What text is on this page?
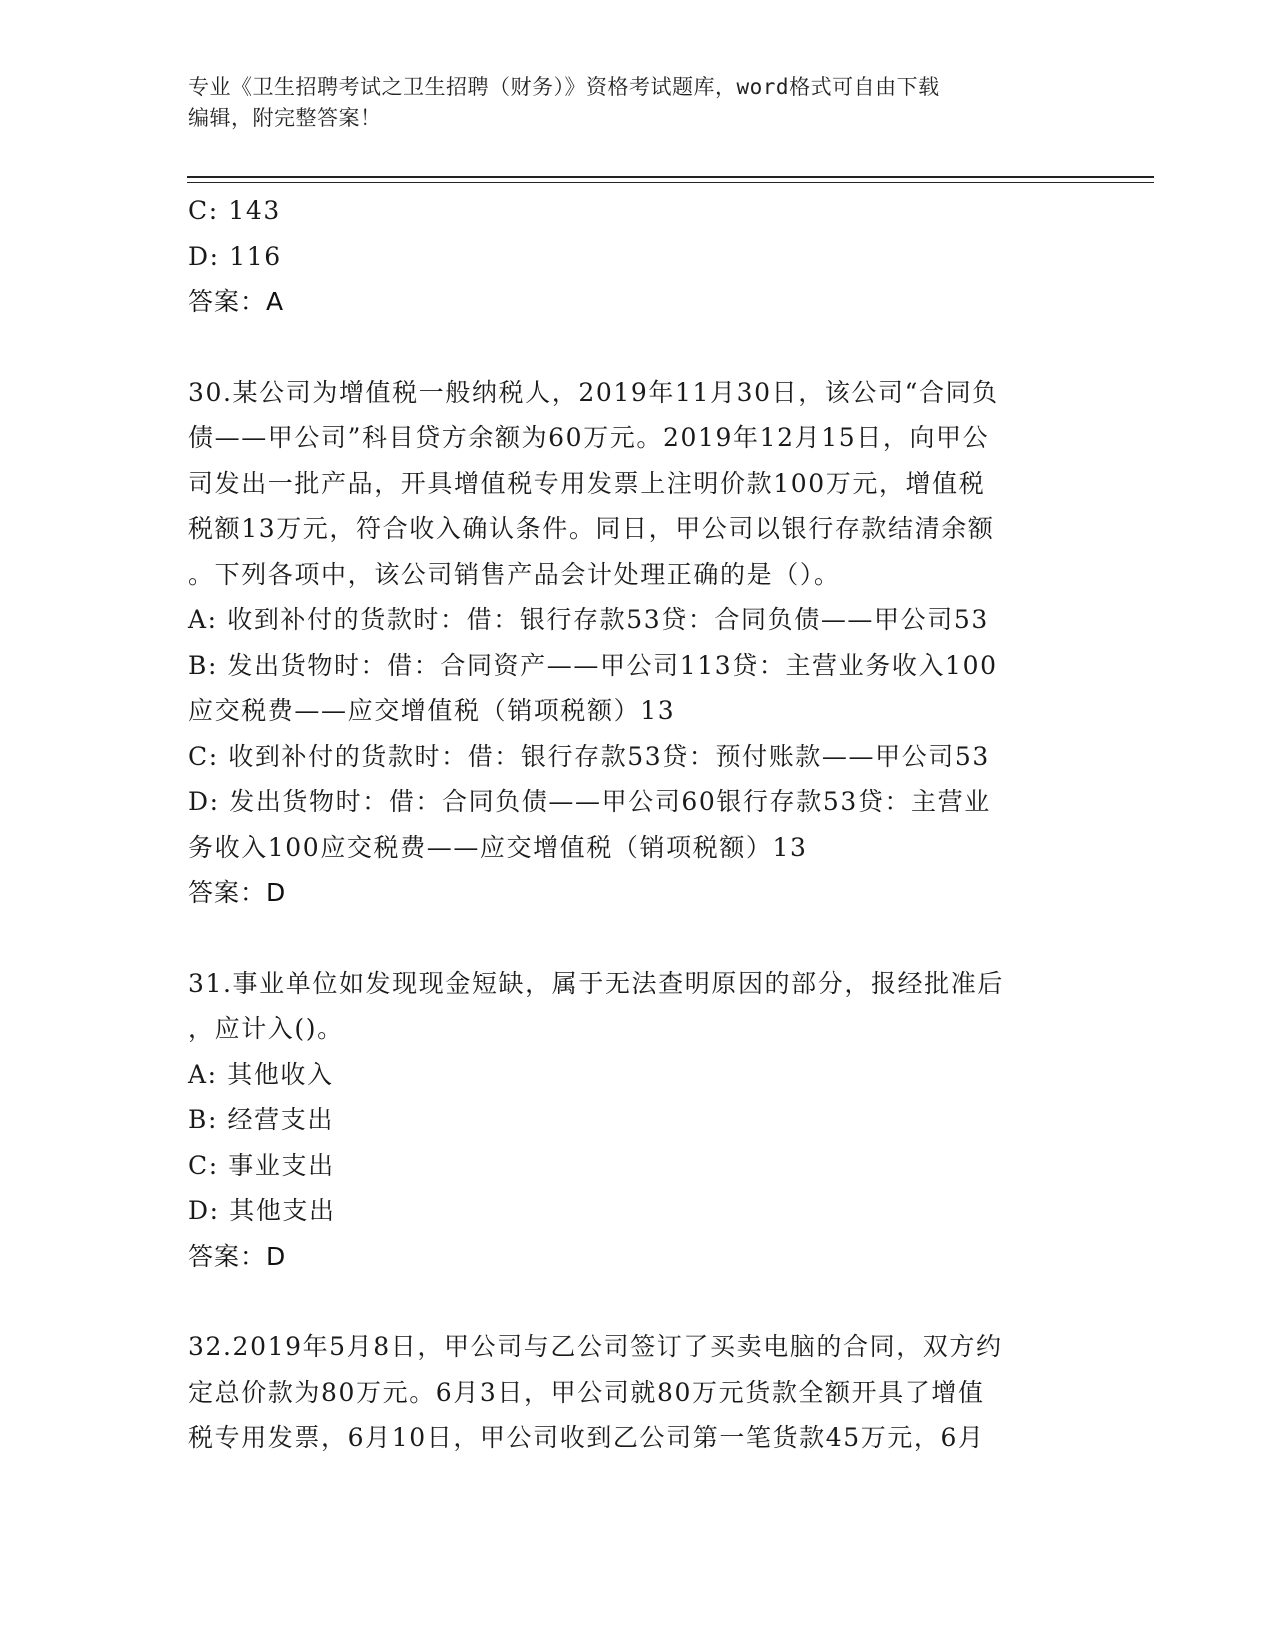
专业《卫生招聘考试之卫生招聘（财务）》资格考试题库，word格式可自由下载

编辑，附完整答案！

C: 143

D: 116

答案：A

30.某公司为增值税一般纳税人，2019年11月30日，该公司“合同负

债——甲公司”科目贷方余额为60万元。2019年12月15日，向甲公

司发出一批产品，开具增值税专用发票上注明价款100万元，增值税

税额13万元，符合收入确认条件。同日，甲公司以银行存款结清余额

。下列各项中，该公司销售产品会计处理正确的是（）。

A: 收到补付的货款时：借：银行存款53贷：合同负债——甲公司53

B: 发出货物时：借：合同资产——甲公司113贷：主营业务收入100

应交税费——应交增值税（销项税额）13

C: 收到补付的货款时：借：银行存款53贷：预付账款——甲公司53

D: 发出货物时：借：合同负债——甲公司60银行存款53贷：主营业

务收入100应交税费——应交增值税（销项税额）13

答案：D

31.事业单位如发现现金短缺，属于无法查明原因的部分，报经批准后

，应计入()。

A: 其他收入

B: 经营支出

C: 事业支出

D: 其他支出

答案：D

32.2019年5月8日，甲公司与乙公司签订了买卖电脑的合同，双方约

定总价款为80万元。6月3日，甲公司就80万元货款全额开具了增值

税专用发票，6月10日，甲公司收到乙公司第一笔货款45万元，6月
